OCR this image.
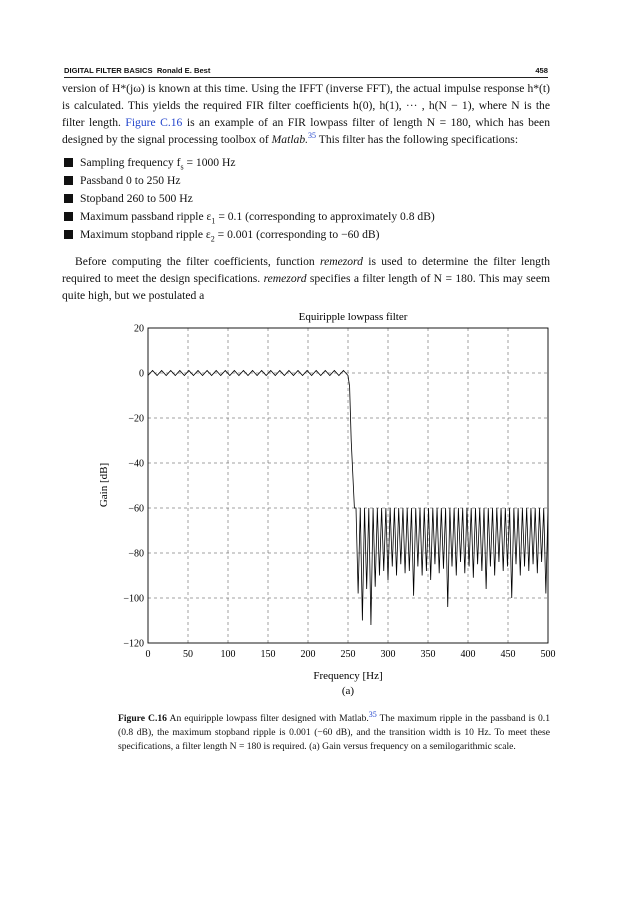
DIGITAL FILTER BASICS Ronald E. Best	458

version of H*(jω) is known at this time. Using the IFFT (inverse FFT), the actual impulse response h*(t) is calculated. This yields the required FIR filter coefficients h(0), h(1), ··· , h(N − 1), where N is the filter length. Figure C.16 is an example of an FIR lowpass filter of length N = 180, which has been designed by the signal processing toolbox of Matlab.$^{35}$ This filter has the following specifications:

Sampling frequency $f_s = 1000$ Hz
Passband 0 to 250 Hz
Stopband 260 to 500 Hz
Maximum passband ripple $\varepsilon_1 = 0.1$ (corresponding to approximately 0.8 dB)
Maximum stopband ripple $\varepsilon_2 = 0.001$ (corresponding to −60 dB)

Before computing the filter coefficients, function remezord is used to determine the filter length required to meet the design specifications. remezord specifies a filter length of N = 180. This may seem quite high, but we postulated a

Equiripple lowpass filter
0	50	100	150	200	250	300	350	400	450	500
20
0
−20
−40
−60
−80
−100
−120
Frequency [Hz]
(a)
Gain [dB]
Figure C.16 An equiripple lowpass filter designed with Matlab.$^{35}$ The maximum ripple in the passband is 0.1 (0.8 dB), the maximum stopband ripple is 0.001 (−60 dB), and the transition width is 10 Hz. To meet these specifications, a filter length N = 180 is required. (a) Gain versus frequency on a semilogarithmic scale.
